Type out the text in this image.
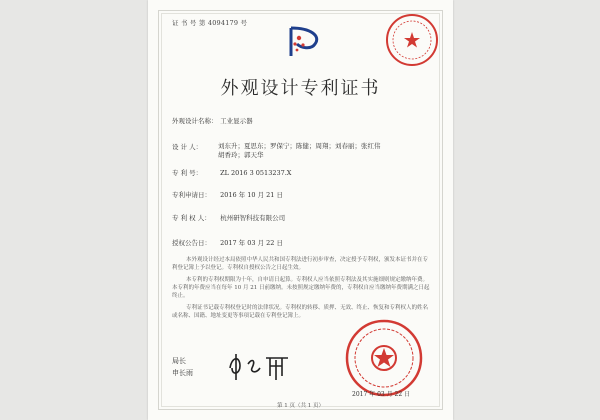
证 书 号 第 4094179 号
外观设计专利证书
外观设计名称： 工业显示器
设 计 人：	刘东升；夏思东；罗保宁；陈健；周翔；刘春丽；张红伟
胡香玲；郭天华
专 利 号：	ZL 2016 3 0513237.X
专利申请日： 2016 年 10 月 21 日
专 利 权 人： 杭州研智科技有限公司
授权公告日： 2017 年 03 月 22 日

本外观设计经过本局依照中华人民共和国专利法进行初步审查，决定授予专利权，颁发本证书并在专利登记簿上予以登记。专利权自授权公告之日起生效。

本专利的专利权期限为十年，自申请日起算。专利权人应当依照专利法及其实施细则规定缴纳年费。本专利的年费应当在每年 10 月 21 日前缴纳。未按照规定缴纳年费的，专利权自应当缴纳年费期满之日起终止。

专利证书记载专利权登记时的法律状况。专利权的转移、质押、无效、终止、恢复和专利权人的姓名或名称、国籍、地址变更等事项记载在专利登记簿上。

局长
申长雨
2017 年 03 月 22 日
第 1 页（共 1 页）
